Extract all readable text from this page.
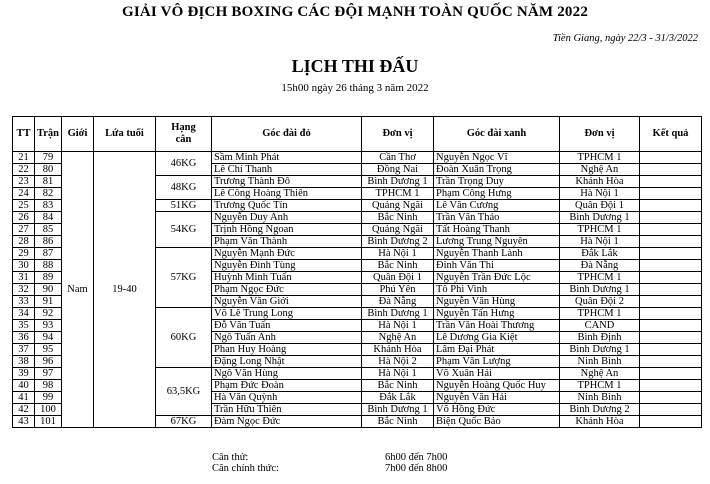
GIẢI VÔ ĐỊCH BOXING CÁC ĐỘI MẠNH TOÀN QUỐC NĂM 2022
Tiền Giang, ngày 22/3 - 31/3/2022
LỊCH THI ĐẤU
15h00 ngày 26 tháng 3 năm 2022
TT	Trận	Giới	Lứa tuổi	Hạng cân	Góc đài đỏ	Đơn vị	Góc đài xanh	Đơn vị	Kết quả
21	79	Nam	19-40	46KG	Sầm Minh Phát	Cần Thơ	Nguyễn Ngọc Vĩ	TPHCM 1	
22	80				Lê Chí Thanh	Đồng Nai	Đoàn Xuân Trọng	Nghệ An	
23	81			48KG	Trương Thành Đô	Bình Dương 1	Trần Trọng Duy	Khánh Hòa	
24	82				Lê Công Hoàng Thiên	TPHCM 1	Phạm Công Hưng	Hà Nội 1	
25	83			51KG	Trương Quốc Tín	Quảng Ngãi	Lê Văn Cương	Quân Đội 1	
26	84			54KG	Nguyễn Duy Anh	Bắc Ninh	Trần Văn Thảo	Bình Dương 1	
27	85				Trịnh Hồng Ngoan	Quảng Ngãi	Tất Hoàng Thanh	TPHCM 1	
28	86				Phạm Văn Thành	Bình Dương 2	Lương Trung Nguyên	Hà Nội 1	
29	87			57KG	Nguyễn Mạnh Đức	Hà Nội 1	Nguyễn Thanh Lành	Đắk Lắk	
30	88				Nguyễn Đình Tùng	Bắc Ninh	Đinh Văn Thi	Đà Nẵng	
31	89				Huỳnh Minh Tuấn	Quân Đội 1	Nguyễn Trần Đức Lộc	TPHCM 1	
32	90				Phạm Ngọc Đức	Phú Yên	Tô Phi Vinh	Bình Dương 1	
33	91				Nguyễn Văn Giới	Đà Nẵng	Nguyễn Văn Hùng	Quân Đội 2	
34	92			60KG	Võ Lê Trung Long	Bình Dương 1	Nguyễn Tấn Hưng	TPHCM 1	
35	93				Đỗ Văn Tuấn	Hà Nội 1	Trần Văn Hoài Thương	CAND	
36	94				Ngô Tuấn Anh	Nghệ An	Lê Dương Gia Kiệt	Bình Định	
37	95				Phan Huy Hoàng	Khánh Hòa	Lâm Đại Phát	Bình Dương 1	
38	96				Đặng Long Nhật	Hà Nội 2	Phạm Văn Lượng	Ninh Bình	
39	97			63,5KG	Ngô Văn Hùng	Hà Nội 1	Võ Xuân Hải	Nghệ An	
40	98				Phạm Đức Đoàn	Bắc Ninh	Nguyễn Hoàng Quốc Huy	TPHCM 1	
41	99				Hà Văn Quỳnh	Đắk Lắk	Nguyễn Văn Hải	Ninh Bình	
42	100				Trần Hữu Thiên	Bình Dương 1	Võ Hồng Đức	Bình Dương 2	
43	101			67KG	Đàm Ngọc Đức	Bắc Ninh	Biện Quốc Bảo	Khánh Hòa	
Cân thử:	6h00 đến 7h00
Cân chính thức:	7h00 đến 8h00
